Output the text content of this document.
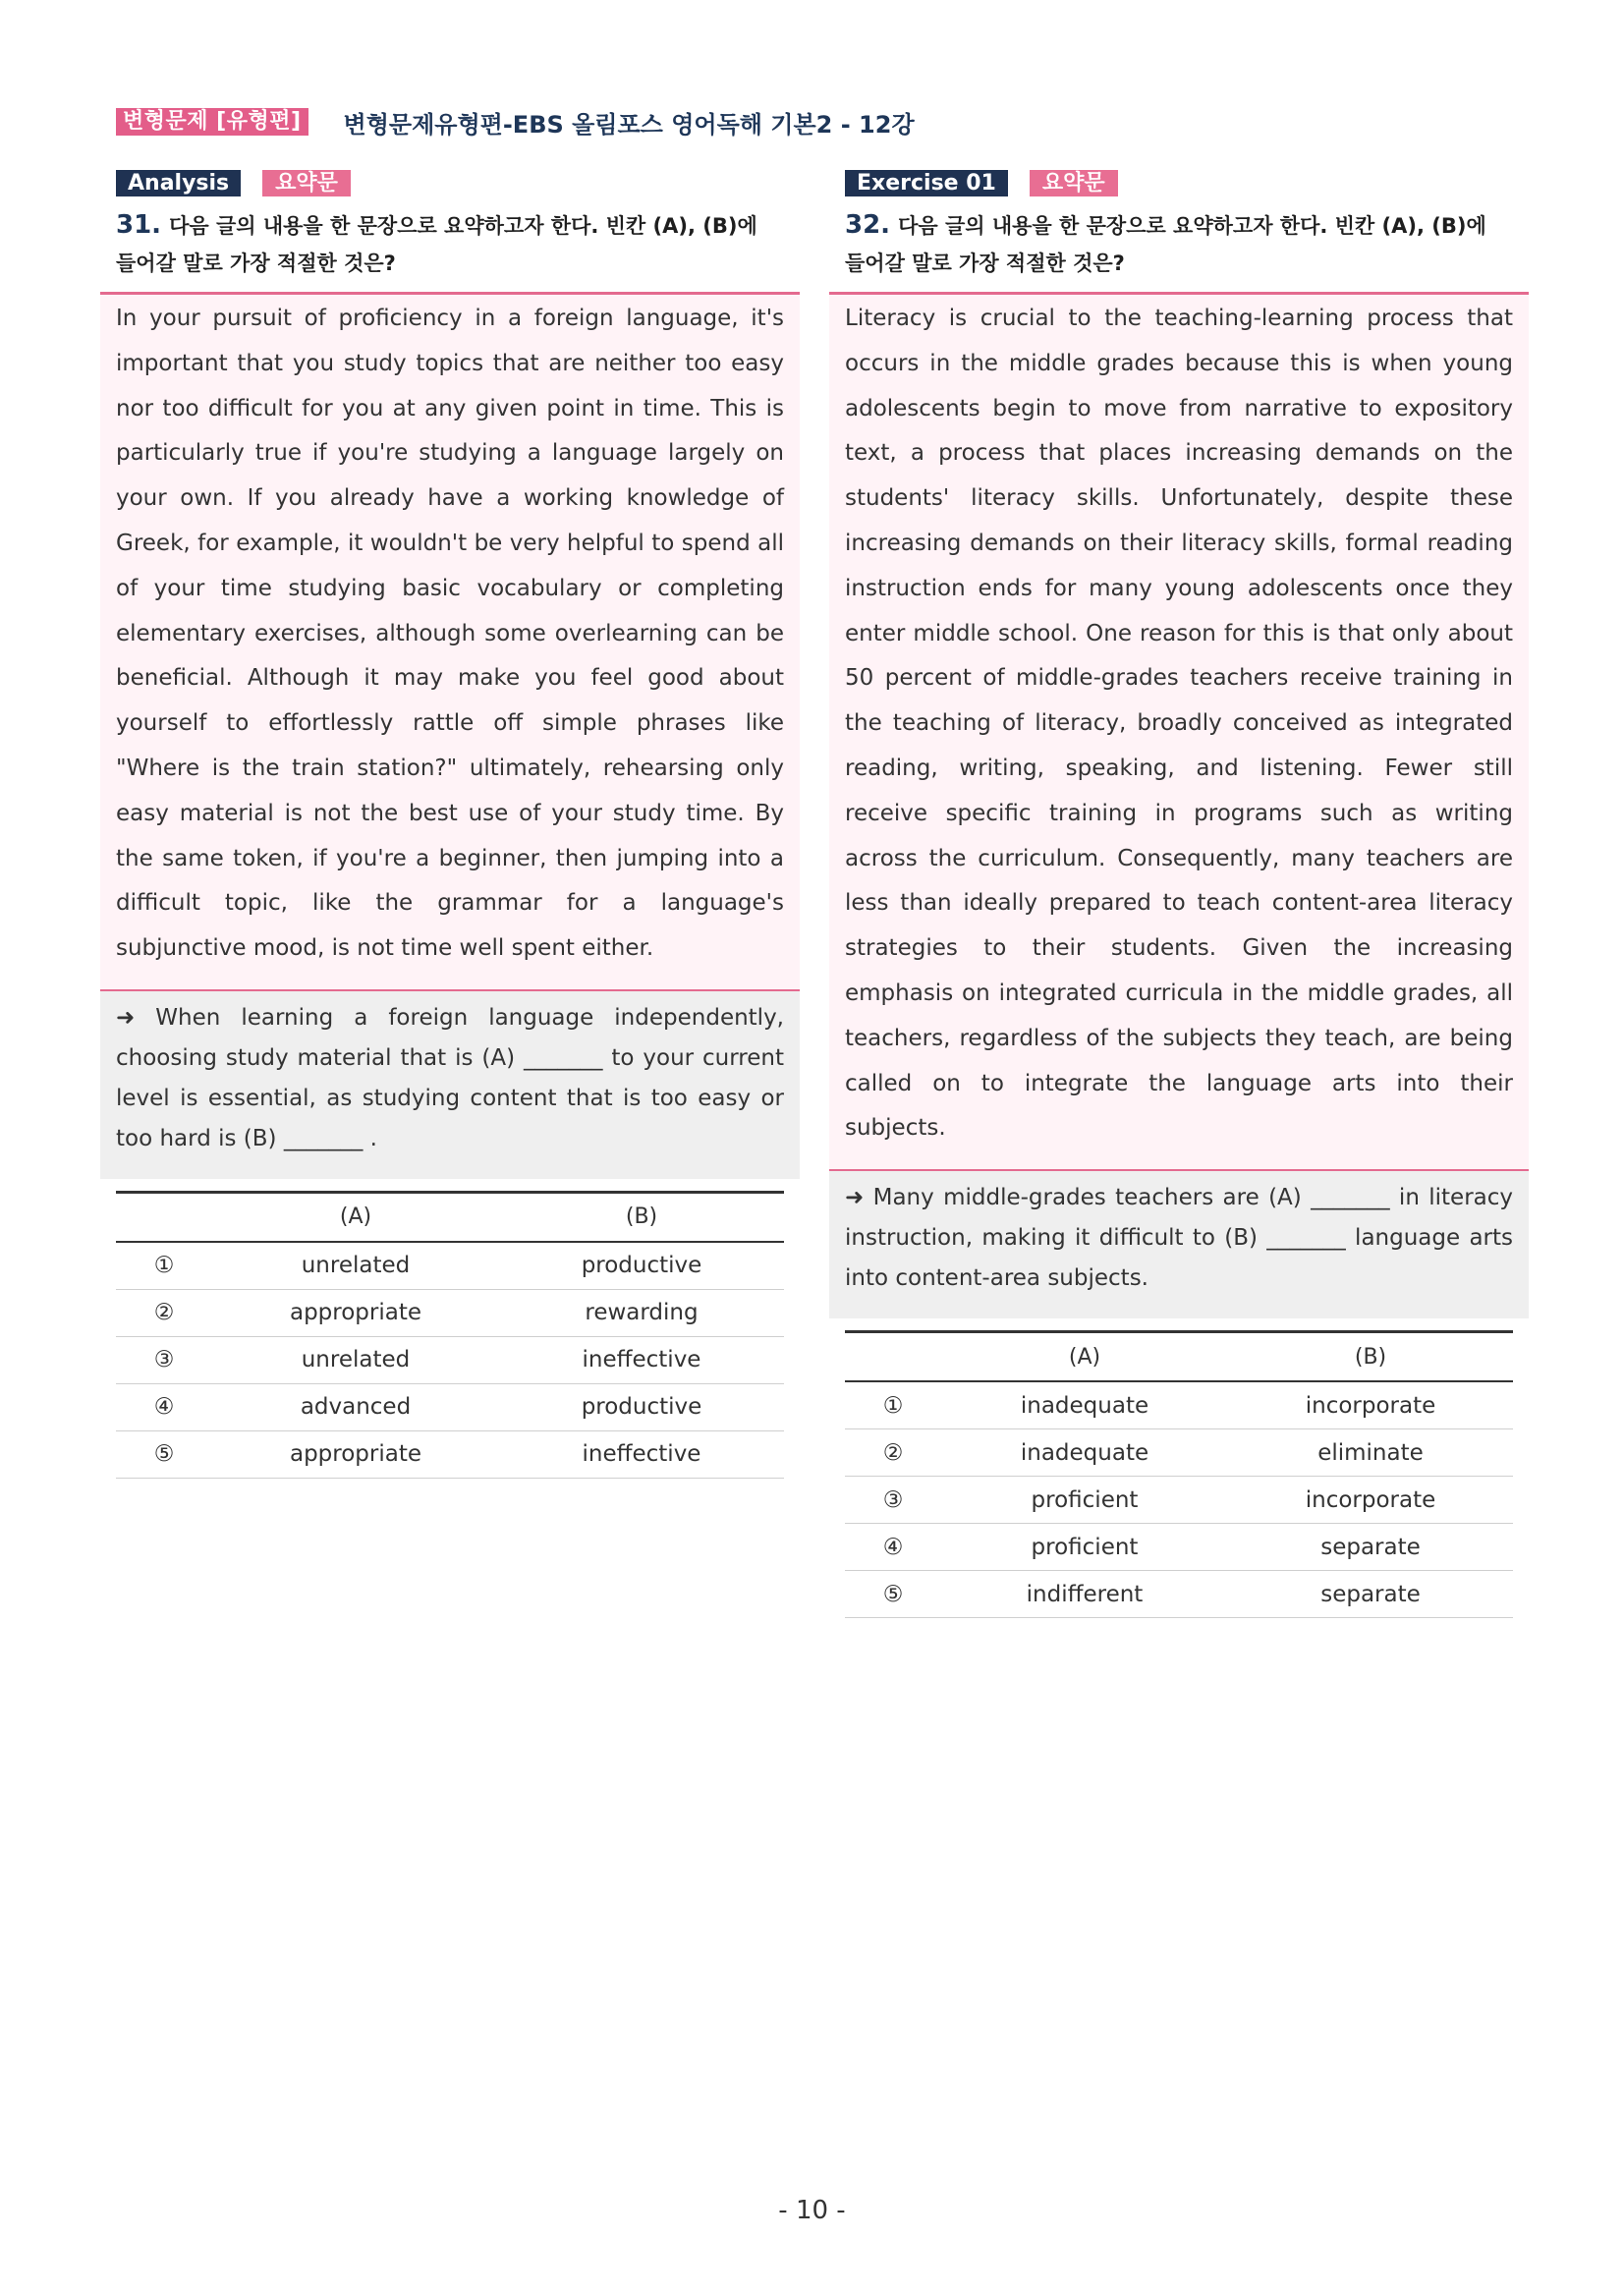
변형문제 [유형편] 변형문제유형편-EBS 올림포스 영어독해 기본2 - 12강
Analysis	요약문
31. 다음 글의 내용을 한 문장으로 요약하고자 한다. 빈칸 (A), (B)에 들어갈 말로 가장 적절한 것은?
In your pursuit of proficiency in a foreign language, it's important that you study topics that are neither too easy nor too difficult for you at any given point in time. This is particularly true if you're studying a language largely on your own. If you already have a working knowledge of Greek, for example, it wouldn't be very helpful to spend all of your time studying basic vocabulary or completing elementary exercises, although some overlearning can be beneficial. Although it may make you feel good about yourself to effortlessly rattle off simple phrases like "Where is the train station?" ultimately, rehearsing only easy material is not the best use of your study time. By the same token, if you're a beginner, then jumping into a difficult topic, like the grammar for a language's subjunctive mood, is not time well spent either.
➜ When learning a foreign language independently, choosing study material that is (A) _______ to your current level is essential, as studying content that is too easy or too hard is (B) _______ .
	(A)	(B)
①	unrelated	productive
②	appropriate	rewarding
③	unrelated	ineffective
④	advanced	productive
⑤	appropriate	ineffective
Exercise 01	요약문
32. 다음 글의 내용을 한 문장으로 요약하고자 한다. 빈칸 (A), (B)에 들어갈 말로 가장 적절한 것은?
Literacy is crucial to the teaching-learning process that occurs in the middle grades because this is when young adolescents begin to move from narrative to expository text, a process that places increasing demands on the students' literacy skills. Unfortunately, despite these increasing demands on their literacy skills, formal reading instruction ends for many young adolescents once they enter middle school. One reason for this is that only about 50 percent of middle-grades teachers receive training in the teaching of literacy, broadly conceived as integrated reading, writing, speaking, and listening. Fewer still receive specific training in programs such as writing across the curriculum. Consequently, many teachers are less than ideally prepared to teach content-area literacy strategies to their students. Given the increasing emphasis on integrated curricula in the middle grades, all teachers, regardless of the subjects they teach, are being called on to integrate the language arts into their subjects.
➜ Many middle-grades teachers are (A) _______ in literacy instruction, making it difficult to (B) _______ language arts into content-area subjects.
	(A)	(B)
①	inadequate	incorporate
②	inadequate	eliminate
③	proficient	incorporate
④	proficient	separate
⑤	indifferent	separate
- 10 -
